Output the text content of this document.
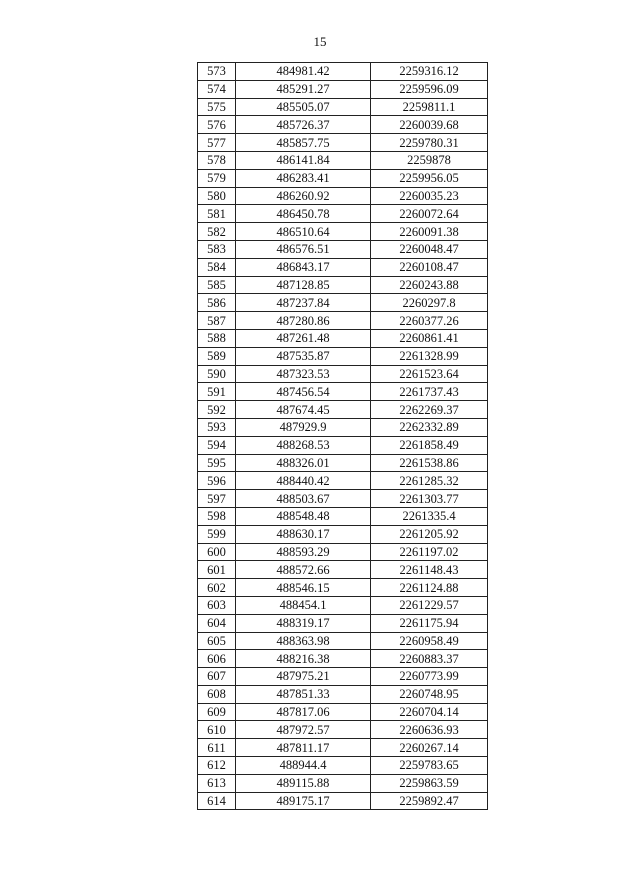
15
573	484981.42	2259316.12
574	485291.27	2259596.09
575	485505.07	2259811.1
576	485726.37	2260039.68
577	485857.75	2259780.31
578	486141.84	2259878
579	486283.41	2259956.05
580	486260.92	2260035.23
581	486450.78	2260072.64
582	486510.64	2260091.38
583	486576.51	2260048.47
584	486843.17	2260108.47
585	487128.85	2260243.88
586	487237.84	2260297.8
587	487280.86	2260377.26
588	487261.48	2260861.41
589	487535.87	2261328.99
590	487323.53	2261523.64
591	487456.54	2261737.43
592	487674.45	2262269.37
593	487929.9	2262332.89
594	488268.53	2261858.49
595	488326.01	2261538.86
596	488440.42	2261285.32
597	488503.67	2261303.77
598	488548.48	2261335.4
599	488630.17	2261205.92
600	488593.29	2261197.02
601	488572.66	2261148.43
602	488546.15	2261124.88
603	488454.1	2261229.57
604	488319.17	2261175.94
605	488363.98	2260958.49
606	488216.38	2260883.37
607	487975.21	2260773.99
608	487851.33	2260748.95
609	487817.06	2260704.14
610	487972.57	2260636.93
611	487811.17	2260267.14
612	488944.4	2259783.65
613	489115.88	2259863.59
614	489175.17	2259892.47
